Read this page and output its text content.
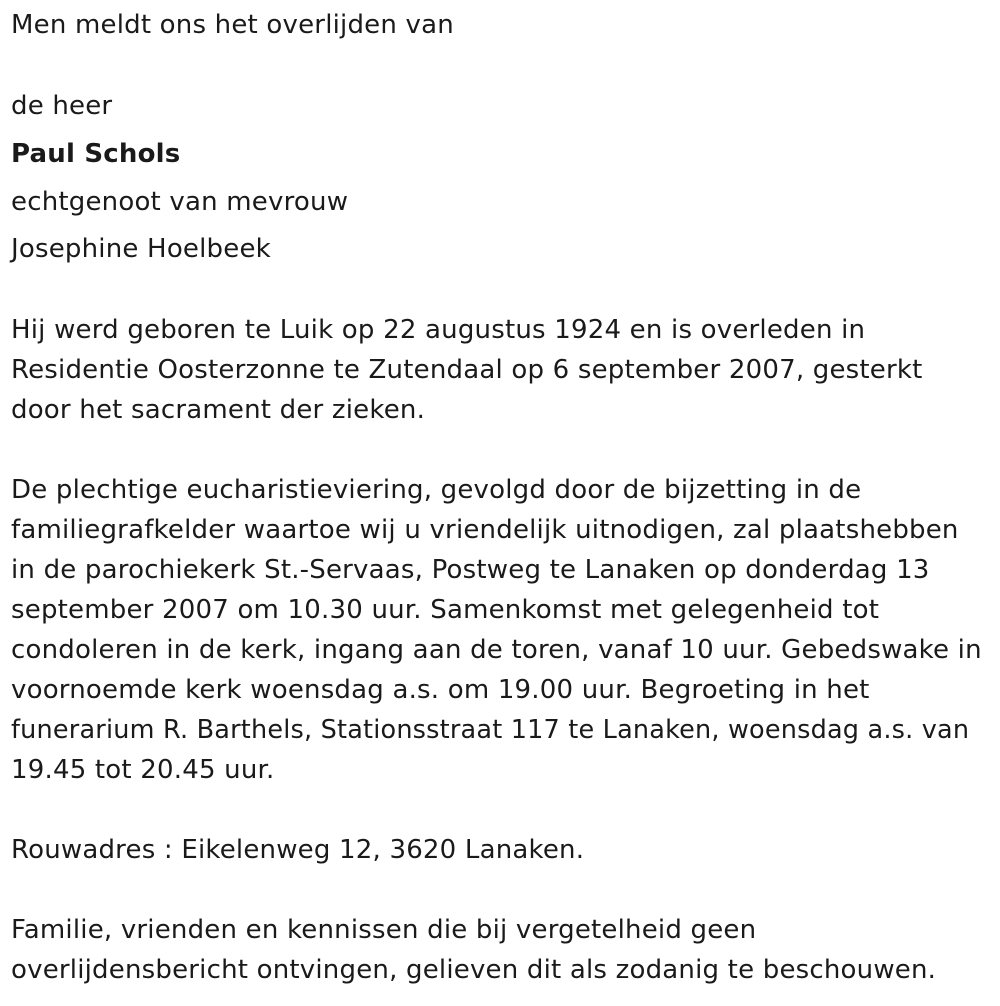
Men meldt ons het overlijden van
de heer
Paul Schols
echtgenoot van mevrouw
Josephine Hoelbeek
Hij werd geboren te Luik op 22 augustus 1924 en is overleden in
Residentie Oosterzonne te Zutendaal op 6 september 2007, gesterkt
door het sacrament der zieken.
De plechtige eucharistieviering, gevolgd door de bijzetting in de
familiegrafkelder waartoe wij u vriendelijk uitnodigen, zal plaatshebben
in de parochiekerk St.-Servaas, Postweg te Lanaken op donderdag 13
september 2007 om 10.30 uur. Samenkomst met gelegenheid tot
condoleren in de kerk, ingang aan de toren, vanaf 10 uur. Gebedswake in
voornoemde kerk woensdag a.s. om 19.00 uur. Begroeting in het
funerarium R. Barthels, Stationsstraat 117 te Lanaken, woensdag a.s. van
19.45 tot 20.45 uur.
Rouwadres : Eikelenweg 12, 3620 Lanaken.
Familie, vrienden en kennissen die bij vergetelheid geen
overlijdensbericht ontvingen, gelieven dit als zodanig te beschouwen.
